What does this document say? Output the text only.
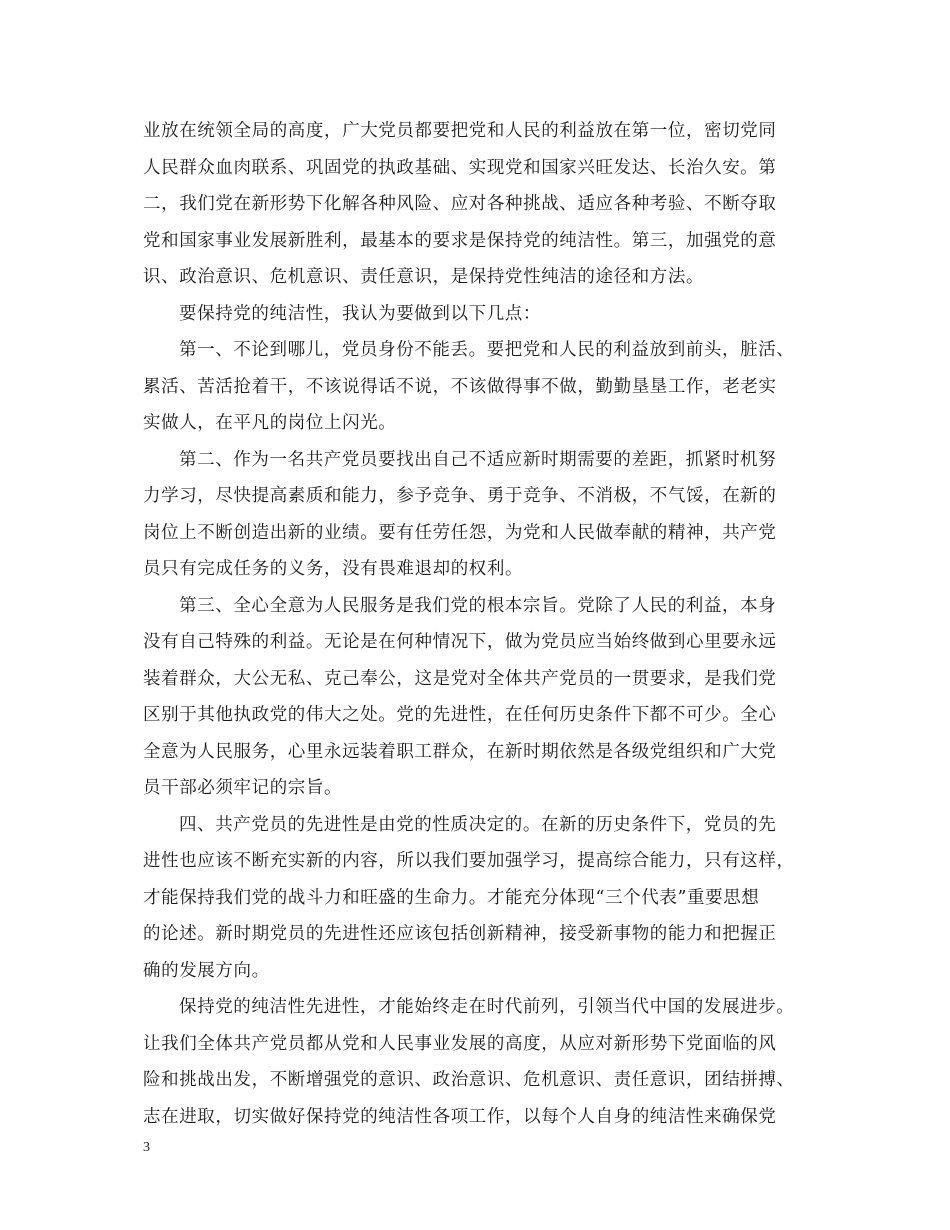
业放在统领全局的高度，广大党员都要把党和人民的利益放在第一位，密切党同
人民群众血肉联系、巩固党的执政基础、实现党和国家兴旺发达、长治久安。第
二，我们党在新形势下化解各种风险、应对各种挑战、适应各种考验、不断夺取
党和国家事业发展新胜利，最基本的要求是保持党的纯洁性。第三，加强党的意
识、政治意识、危机意识、责任意识，是保持党性纯洁的途径和方法。
要保持党的纯洁性，我认为要做到以下几点：
第一、不论到哪儿，党员身份不能丢。要把党和人民的利益放到前头，脏活、
累活、苦活抢着干，不该说得话不说，不该做得事不做，勤勤垦垦工作，老老实
实做人，在平凡的岗位上闪光。
第二、作为一名共产党员要找出自己不适应新时期需要的差距，抓紧时机努
力学习，尽快提高素质和能力，参予竞争、勇于竞争、不消极，不气馁，在新的
岗位上不断创造出新的业绩。要有任劳任怨，为党和人民做奉献的精神，共产党
员只有完成任务的义务，没有畏难退却的权利。
第三、全心全意为人民服务是我们党的根本宗旨。党除了人民的利益，本身
没有自己特殊的利益。无论是在何种情况下，做为党员应当始终做到心里要永远
装着群众，大公无私、克己奉公，这是党对全体共产党员的一贯要求，是我们党
区别于其他执政党的伟大之处。党的先进性，在任何历史条件下都不可少。全心
全意为人民服务，心里永远装着职工群众，在新时期依然是各级党组织和广大党
员干部必须牢记的宗旨。
四、共产党员的先进性是由党的性质决定的。在新的历史条件下，党员的先
进性也应该不断充实新的内容，所以我们要加强学习，提高综合能力，只有这样，
才能保持我们党的战斗力和旺盛的生命力。才能充分体现“三个代表”重要思想
的论述。新时期党员的先进性还应该包括创新精神，接受新事物的能力和把握正
确的发展方向。
保持党的纯洁性先进性，才能始终走在时代前列，引领当代中国的发展进步。
让我们全体共产党员都从党和人民事业发展的高度，从应对新形势下党面临的风
险和挑战出发，不断增强党的意识、政治意识、危机意识、责任意识，团结拼搏、
志在进取，切实做好保持党的纯洁性各项工作，以每个人自身的纯洁性来确保党
3
